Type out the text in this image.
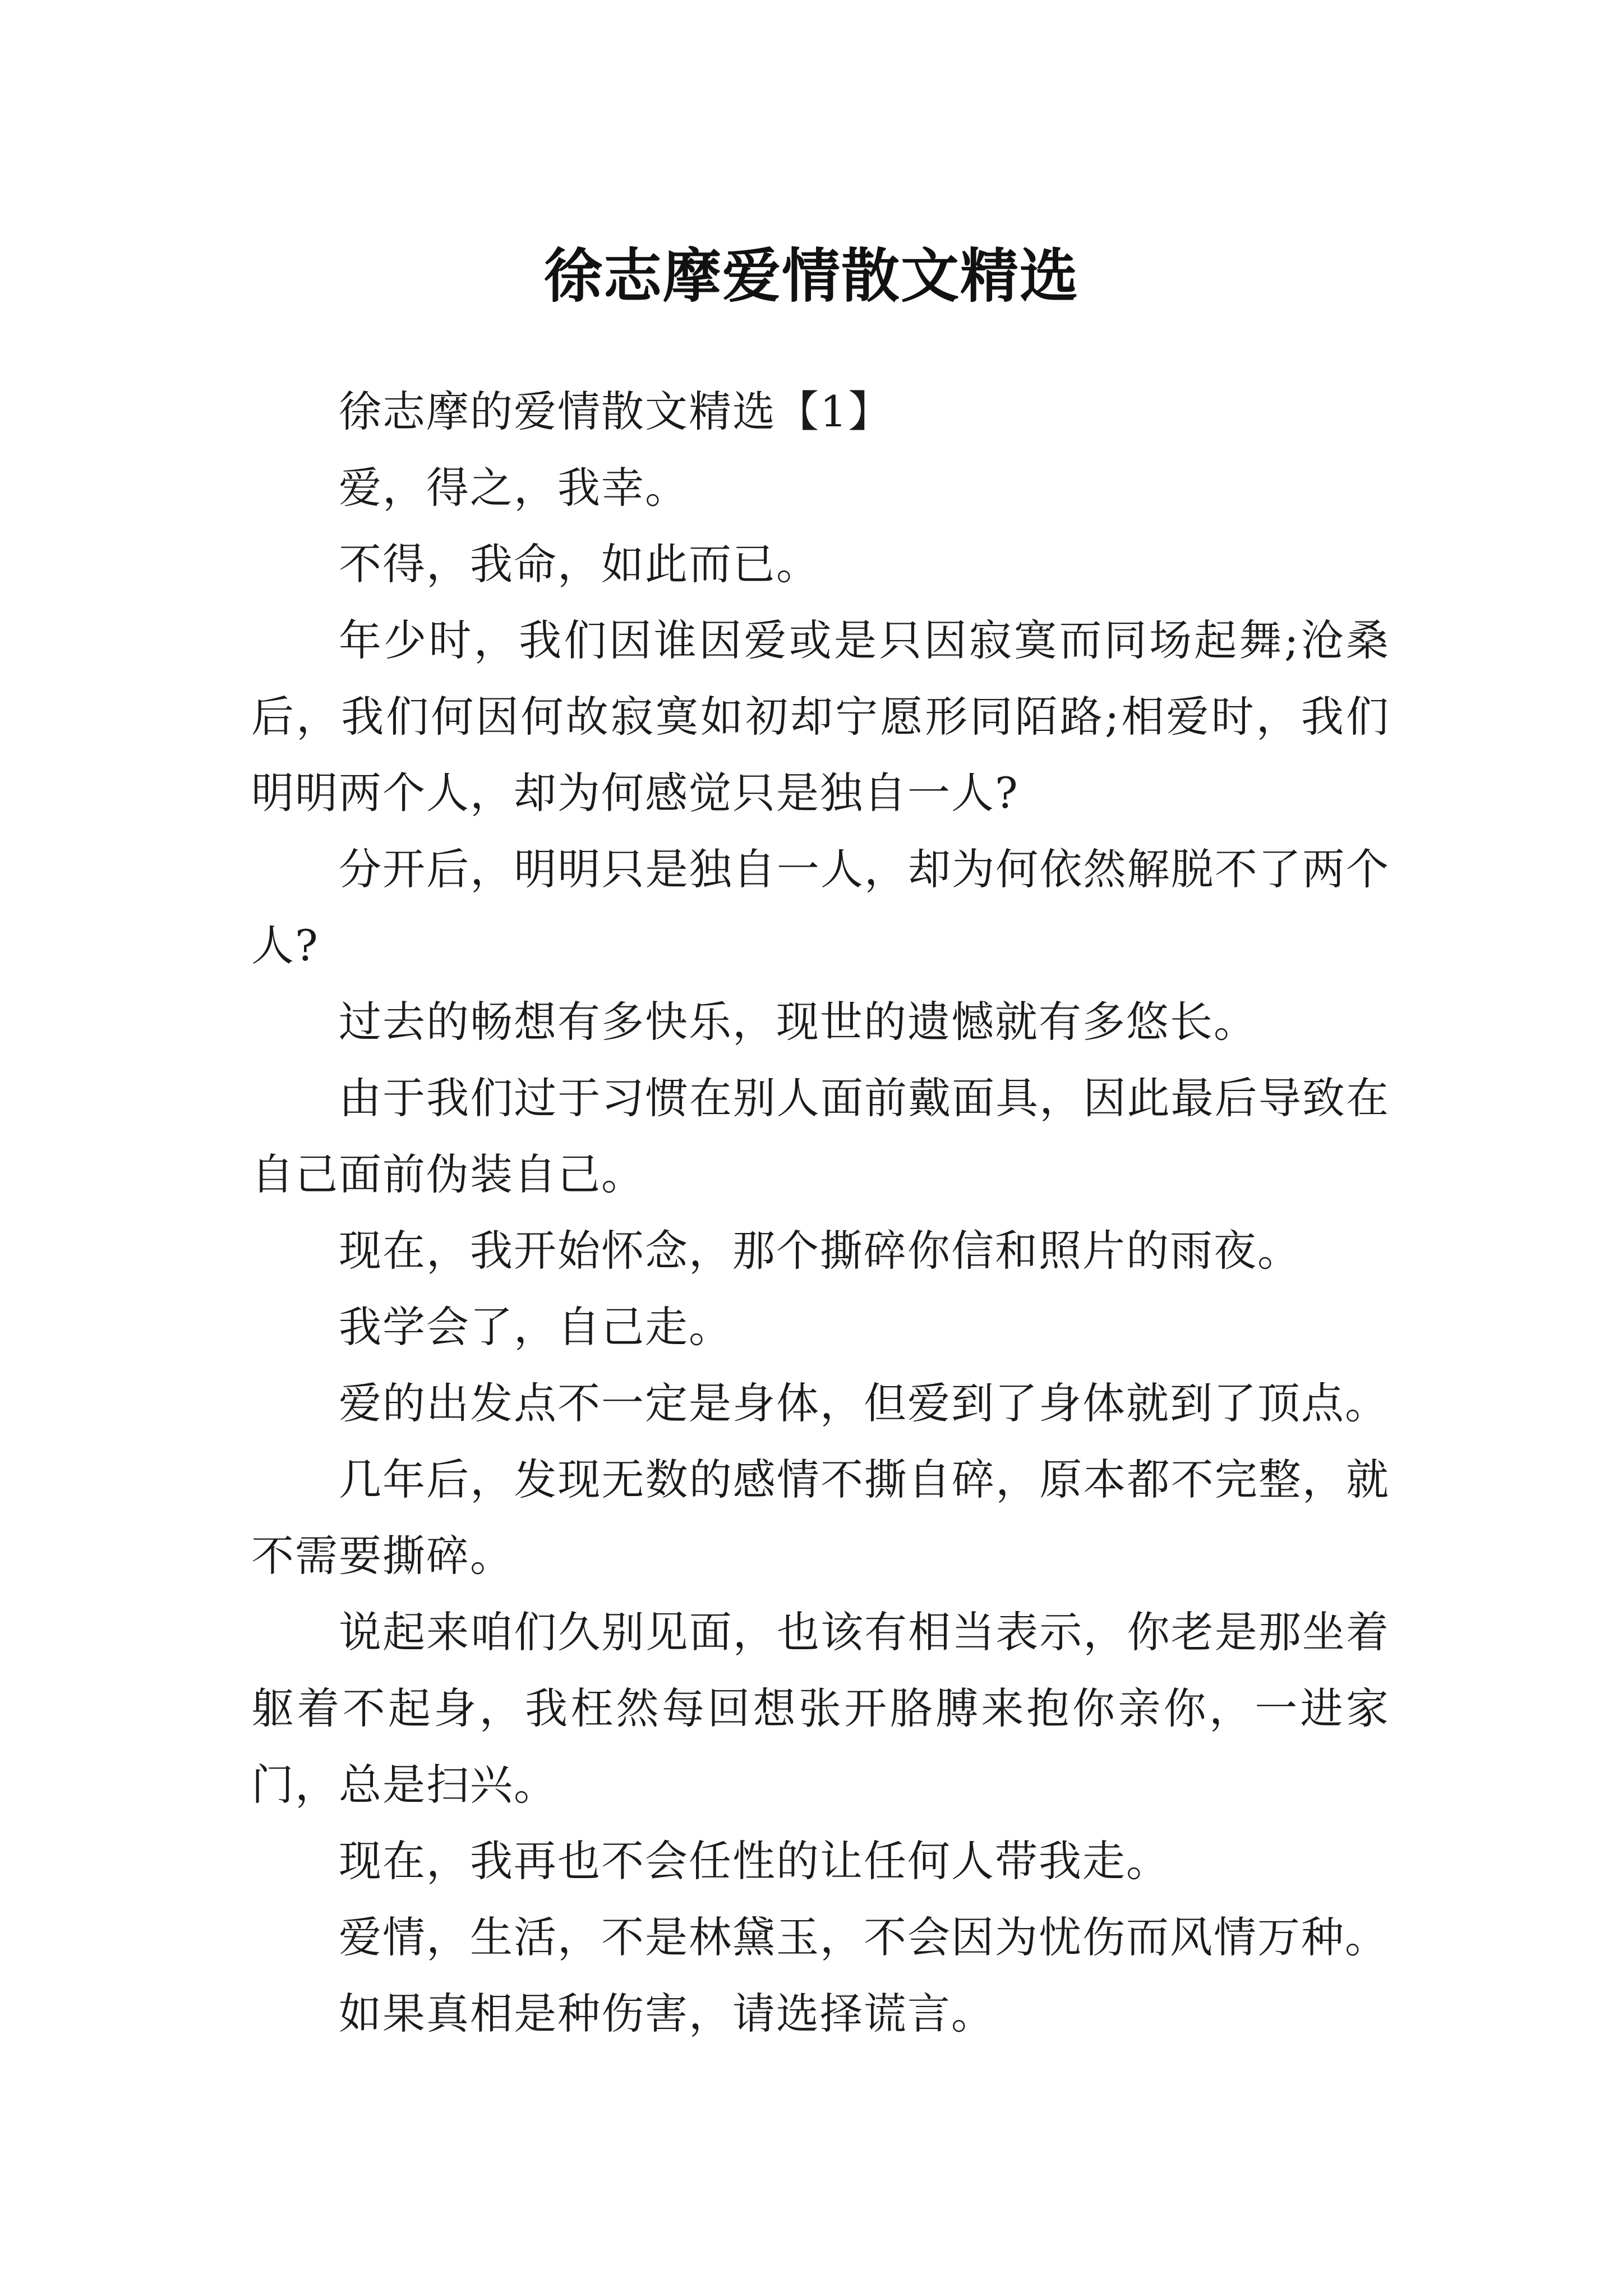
徐志摩爱情散文精选

徐志摩的爱情散文精选【1】

爱，得之，我幸。

不得，我命，如此而已。

年少时，我们因谁因爱或是只因寂寞而同场起舞;沧桑后，我们何因何故寂寞如初却宁愿形同陌路;相爱时，我们明明两个人，却为何感觉只是独自一人?

分开后，明明只是独自一人，却为何依然解脱不了两个人?

过去的畅想有多快乐，现世的遗憾就有多悠长。

由于我们过于习惯在别人面前戴面具，因此最后导致在自己面前伪装自己。

现在，我开始怀念，那个撕碎你信和照片的雨夜。

我学会了，自己走。

爱的出发点不一定是身体，但爱到了身体就到了顶点。

几年后，发现无数的感情不撕自碎，原本都不完整，就不需要撕碎。

说起来咱们久别见面，也该有相当表示，你老是那坐着躯着不起身，我枉然每回想张开胳膊来抱你亲你，一进家门，总是扫兴。

现在，我再也不会任性的让任何人带我走。

爱情，生活，不是林黛玉，不会因为忧伤而风情万种。

如果真相是种伤害，请选择谎言。
